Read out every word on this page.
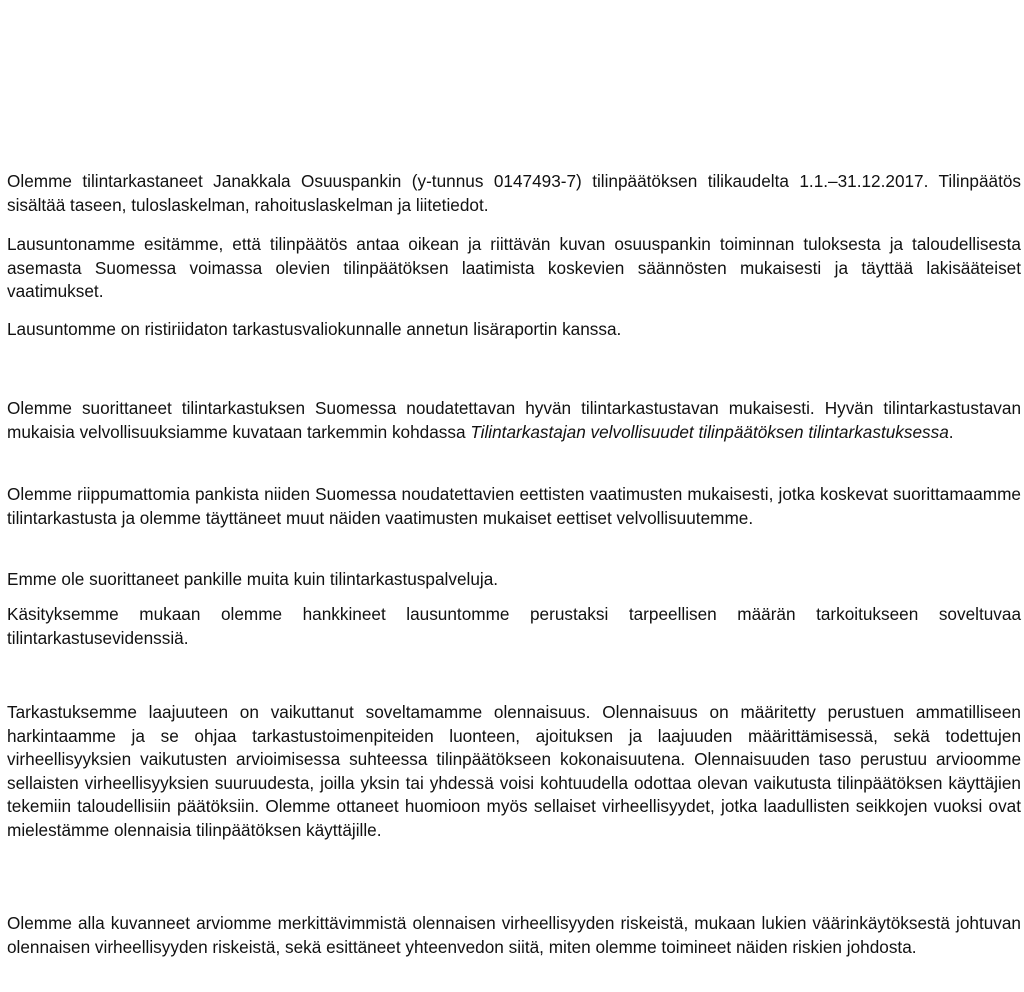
Olemme tilintarkastaneet Janakkala Osuuspankin (y-tunnus 0147493-7) tilinpäätöksen tilikaudelta 1.1.–31.12.2017. Tilinpäätös sisältää taseen, tuloslaskelman, rahoituslaskelman ja liitetiedot.

Lausuntonamme esitämme, että tilinpäätös antaa oikean ja riittävän kuvan osuuspankin toiminnan tuloksesta ja taloudellisesta asemasta Suomessa voimassa olevien tilinpäätöksen laatimista koskevien säännösten mukaisesti ja täyttää lakisääteiset vaatimukset.

Lausuntomme on ristiriidaton tarkastusvaliokunnalle annetun lisäraportin kanssa.

Olemme suorittaneet tilintarkastuksen Suomessa noudatettavan hyvän tilintarkastustavan mukaisesti. Hyvän tilintarkastustavan mukaisia velvollisuuksiamme kuvataan tarkemmin kohdassa Tilintarkastajan velvollisuudet tilinpäätöksen tilintarkastuksessa.

Olemme riippumattomia pankista niiden Suomessa noudatettavien eettisten vaatimusten mukaisesti, jotka koskevat suorittamaamme tilintarkastusta ja olemme täyttäneet muut näiden vaatimusten mukaiset eettiset velvollisuutemme.

Emme ole suorittaneet pankille muita kuin tilintarkastuspalveluja.

Käsityksemme mukaan olemme hankkineet lausuntomme perustaksi tarpeellisen määrän tarkoitukseen soveltuvaa tilintarkastusevidenssiä.

Tarkastuksemme laajuuteen on vaikuttanut soveltamamme olennaisuus. Olennaisuus on määritetty perustuen ammatilliseen harkintaamme ja se ohjaa tarkastustoimenpiteiden luonteen, ajoituksen ja laajuuden määrittämisessä, sekä todettujen virheellisyyksien vaikutusten arvioimisessa suhteessa tilinpäätökseen kokonaisuutena. Olennaisuuden taso perustuu arvioomme sellaisten virheellisyyksien suuruudesta, joilla yksin tai yhdessä voisi kohtuudella odottaa olevan vaikutusta tilinpäätöksen käyttäjien tekemiin taloudellisiin päätöksiin. Olemme ottaneet huomioon myös sellaiset virheellisyydet, jotka laadullisten seikkojen vuoksi ovat mielestämme olennaisia tilinpäätöksen käyttäjille.

Olemme alla kuvanneet arviomme merkittävimmistä olennaisen virheellisyyden riskeistä, mukaan lukien väärinkäytöksestä johtuvan olennaisen virheellisyyden riskeistä, sekä esittäneet yhteenvedon siitä, miten olemme toimineet näiden riskien johdosta.
